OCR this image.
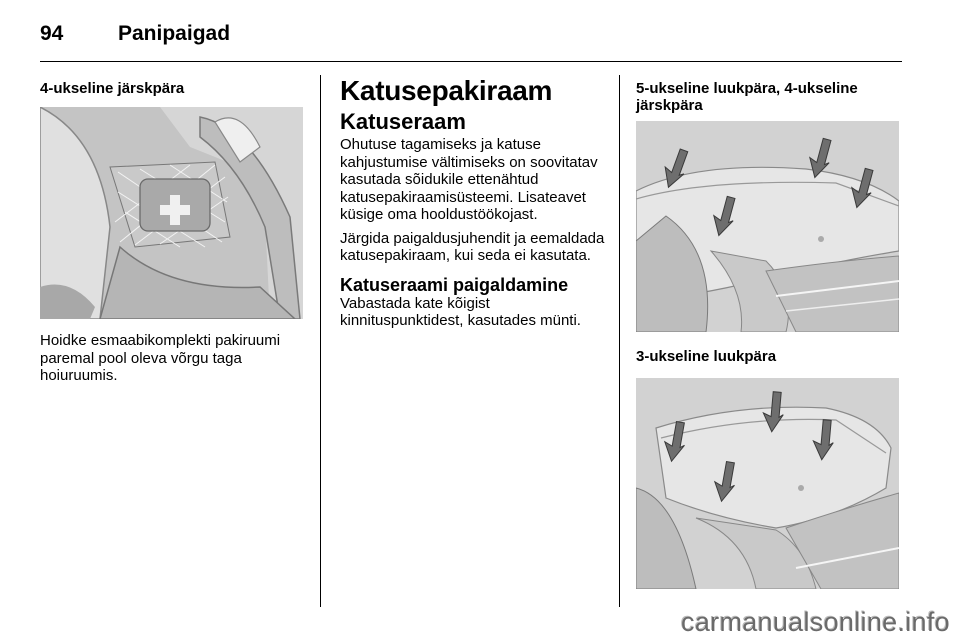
94	Panipaigad

4-ukseline järskpära

Hoidke esmaabikomplekti pakiruumi paremal pool oleva võrgu taga hoiuruumis.

Katusepakiraam
Katuseraam

Ohutuse tagamiseks ja katuse kahjustumise vältimiseks on soovitatav kasutada sõidukile ettenähtud katusepakiraamisüsteemi. Lisateavet küsige oma hooldustöökojast.

Järgida paigaldusjuhendit ja eemaldada katusepakiraam, kui seda ei kasutata.

Katuseraami paigaldamine

Vabastada kate kõigist kinnituspunktidest, kasutades münti.

5-ukseline luukpära, 4-ukseline järskpära

3-ukseline luukpära

carmanualsonline.info
